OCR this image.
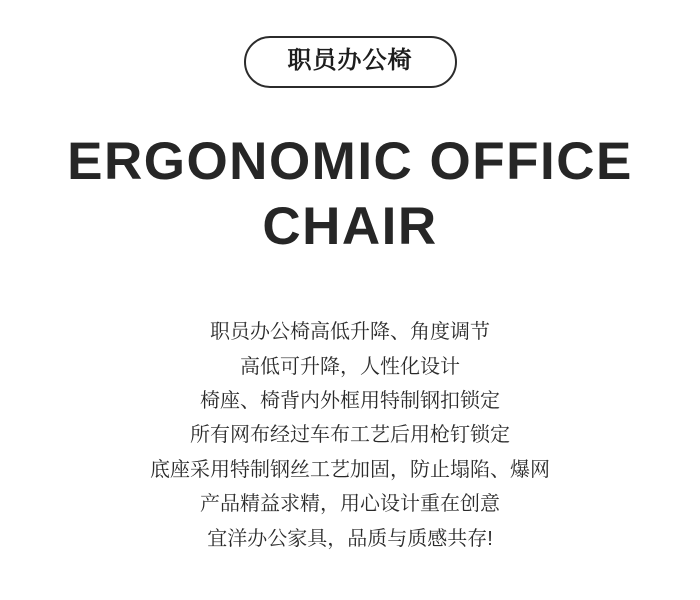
职员办公椅
ERGONOMIC OFFICE
CHAIR
职员办公椅高低升降、角度调节
高低可升降，人性化设计
椅座、椅背内外框用特制钢扣锁定
所有网布经过车布工艺后用枪钉锁定
底座采用特制钢丝工艺加固，防止塌陷、爆网
产品精益求精，用心设计重在创意
宜洋办公家具，品质与质感共存!
